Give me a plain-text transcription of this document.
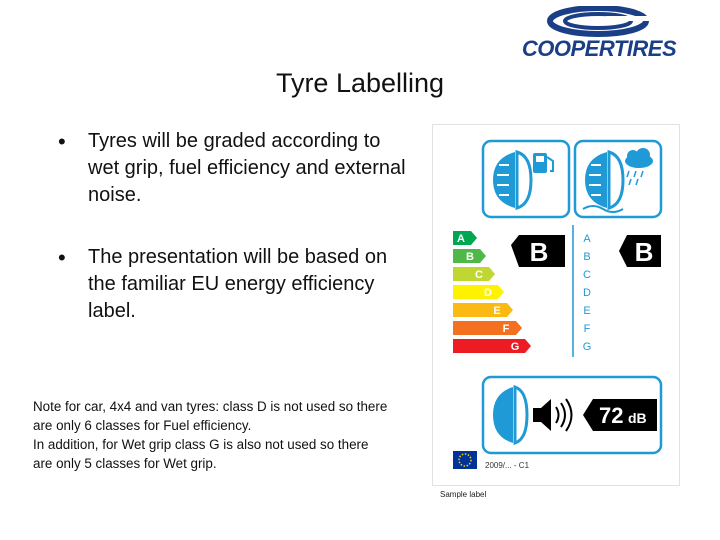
COOPERTIRES
Tyre Labelling
• Tyres will be graded according to wet grip, fuel efficiency and external noise.
• The presentation will be based on the familiar EU energy efficiency label.
Note for car, 4x4 and van tyres: class D is not used so there
are only 6 classes for Fuel efficiency.
In addition, for Wet grip class G is also not used so there
are only 5 classes for Wet grip.
A
B
C
D
E
F
G
A
B
C
D
E
F
G
B	B
72 dB
2009/... - C1
Sample label
